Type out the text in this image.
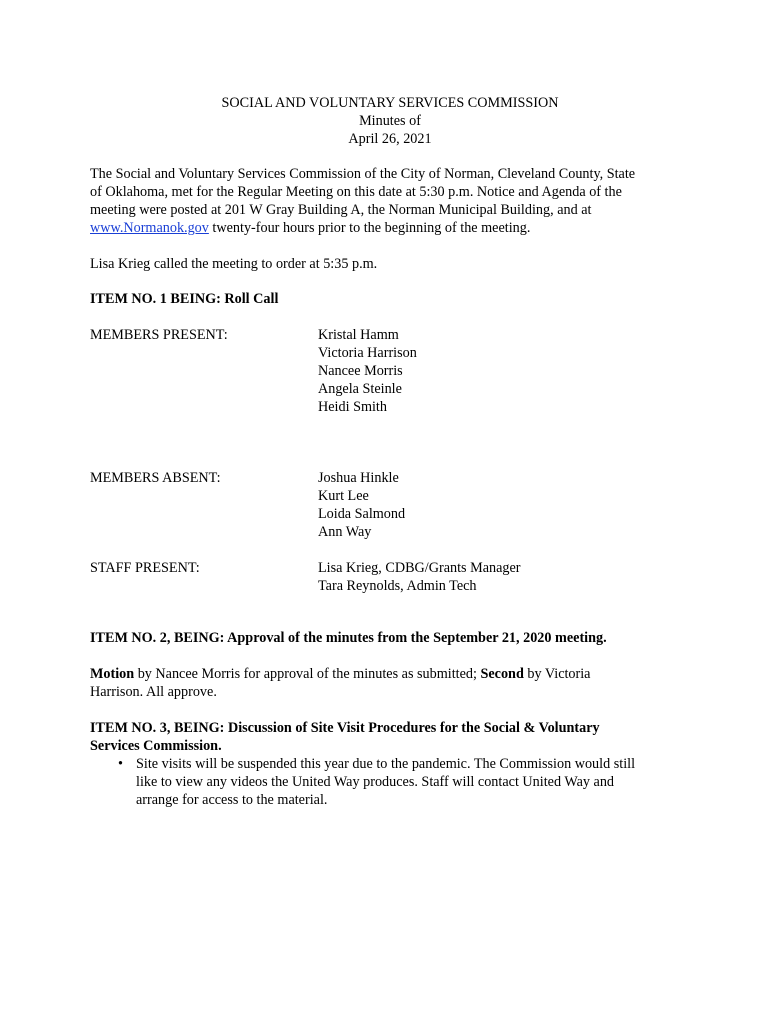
SOCIAL AND VOLUNTARY SERVICES COMMISSION
Minutes of
April 26, 2021
The Social and Voluntary Services Commission of the City of Norman, Cleveland County, State
of Oklahoma, met for the Regular Meeting on this date at 5:30 p.m. Notice and Agenda of the
meeting were posted at 201 W Gray Building A, the Norman Municipal Building, and at
www.Normanok.gov twenty-four hours prior to the beginning of the meeting.
Lisa Krieg called the meeting to order at 5:35 p.m.
ITEM NO. 1 BEING: Roll Call
MEMBERS PRESENT:	Kristal Hamm
Victoria Harrison
Nancee Morris
Angela Steinle
Heidi Smith
MEMBERS ABSENT:	Joshua Hinkle
Kurt Lee
Loida Salmond
Ann Way
STAFF PRESENT:	Lisa Krieg, CDBG/Grants Manager
Tara Reynolds, Admin Tech
ITEM NO. 2, BEING: Approval of the minutes from the September 21, 2020 meeting.
Motion by Nancee Morris for approval of the minutes as submitted; Second by Victoria
Harrison. All approve.
ITEM NO. 3, BEING: Discussion of Site Visit Procedures for the Social & Voluntary
Services Commission.
• Site visits will be suspended this year due to the pandemic. The Commission would still
like to view any videos the United Way produces. Staff will contact United Way and
arrange for access to the material.
